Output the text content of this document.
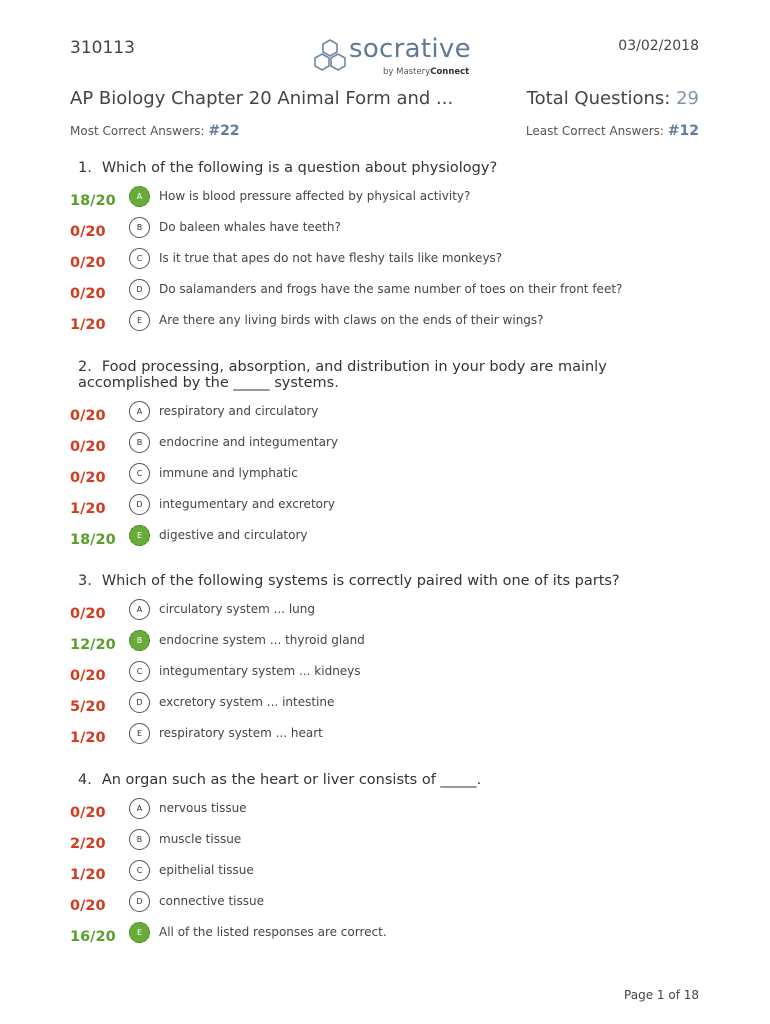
310113	socrative
by MasteryConnect
03/02/2018
AP Biology Chapter 20 Animal Form and ...	Total Questions: 29
Most Correct Answers: #22	Least Correct Answers: #12
1. Which of the following is a question about physiology?
18/20	A	How is blood pressure affected by physical activity?
0/20	B	Do baleen whales have teeth?
0/20	C	Is it true that apes do not have fleshy tails like monkeys?
0/20	D	Do salamanders and frogs have the same number of toes on their front feet?
1/20	E	Are there any living birds with claws on the ends of their wings?
2. Food processing, absorption, and distribution in your body are mainly
accomplished by the _____ systems.
0/20	A	respiratory and circulatory
0/20	B	endocrine and integumentary
0/20	C	immune and lymphatic
1/20	D	integumentary and excretory
18/20	E	digestive and circulatory
3. Which of the following systems is correctly paired with one of its parts?
0/20	A	circulatory system ... lung
12/20	B	endocrine system ... thyroid gland
0/20	C	integumentary system ... kidneys
5/20	D	excretory system ... intestine
1/20	E	respiratory system ... heart
4. An organ such as the heart or liver consists of _____.
0/20	A	nervous tissue
2/20	B	muscle tissue
1/20	C	epithelial tissue
0/20	D	connective tissue
16/20	E	All of the listed responses are correct.
Page 1 of 18
